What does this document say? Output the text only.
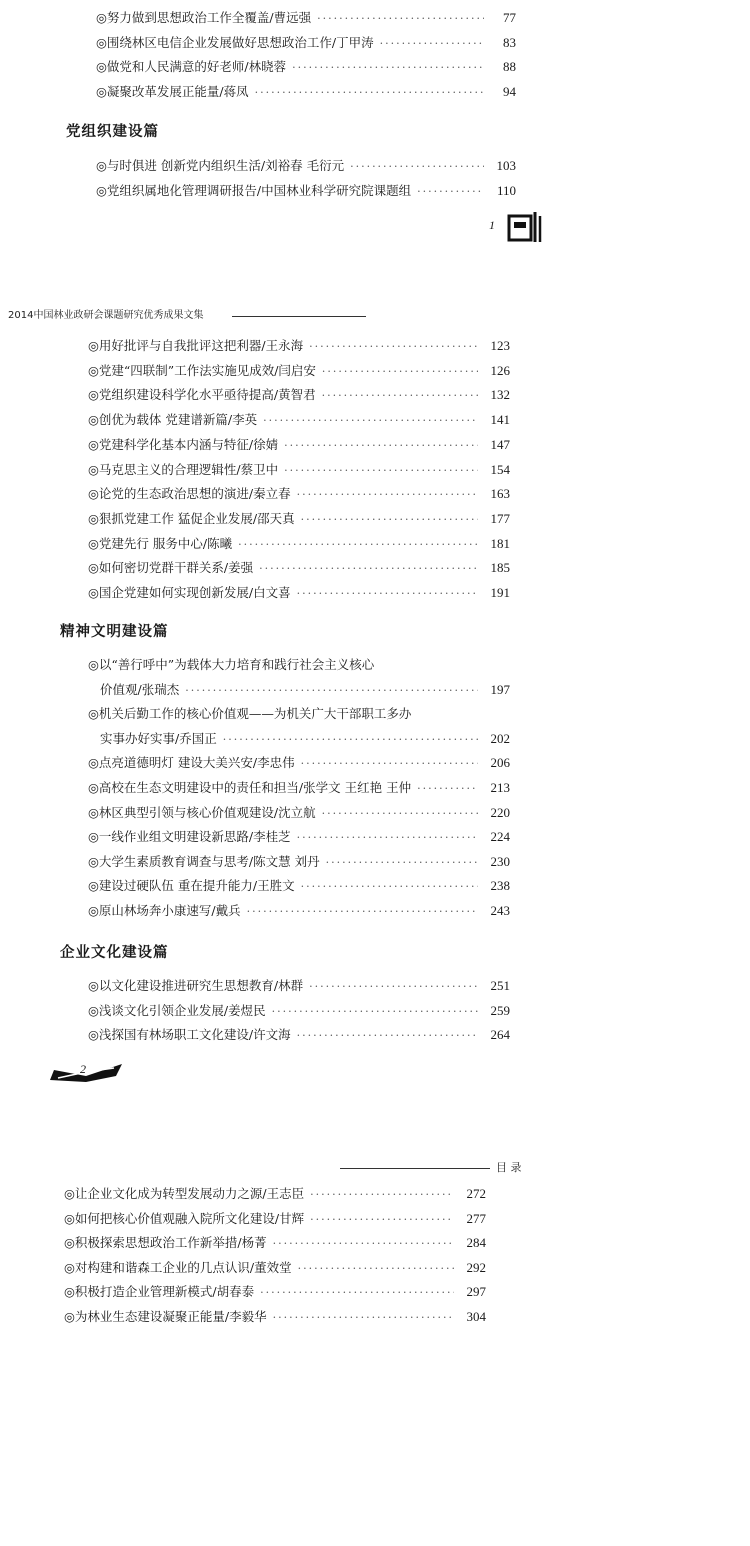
◎努力做到思想政治工作全覆盖/曹远强 ·····	77
◎围绕林区电信企业发展做好思想政治工作/丁甲涛 ·····	83
◎做党和人民满意的好老师/林晓蓉 ·····	88
◎凝聚改革发展正能量/蒋凤 ·····	94
党组织建设篇
◎与时俱进 创新党内组织生活/刘裕春 毛衍元 ·····	103
◎党组织属地化管理调研报告/中国林业科学研究院课题组 ·····	110
1
2014中国林业政研会课题研究优秀成果文集
◎用好批评与自我批评这把利器/王永海 ·····	123
◎党建“四联制”工作法实施见成效/闫启安 ·····	126
◎党组织建设科学化水平亟待提高/黄智君 ·····	132
◎创优为载体 党建谱新篇/李英 ·····	141
◎党建科学化基本内涵与特征/徐婧 ·····	147
◎马克思主义的合理逻辑性/蔡卫中 ·····	154
◎论党的生态政治思想的演进/秦立春 ·····	163
◎狠抓党建工作 猛促企业发展/邵天真 ·····	177
◎党建先行 服务中心/陈曦 ·····	181
◎如何密切党群干群关系/姜强 ·····	185
◎国企党建如何实现创新发展/白文喜 ·····	191
精神文明建设篇
◎以“善行呼中”为载体大力培育和践行社会主义核心
价值观/张瑞杰 ·····	197
◎机关后勤工作的核心价值观——为机关广大干部职工多办
实事办好实事/乔国正 ·····	202
◎点亮道德明灯 建设大美兴安/李忠伟 ·····	206
◎高校在生态文明建设中的责任和担当/张学文 王红艳 王仲 ·····	213
◎林区典型引领与核心价值观建设/沈立航 ·····	220
◎一线作业组文明建设新思路/李桂芝 ·····	224
◎大学生素质教育调查与思考/陈文慧 刘丹 ·····	230
◎建设过硬队伍 重在提升能力/王胜文 ·····	238
◎原山林场奔小康速写/戴兵 ·····	243
企业文化建设篇
◎以文化建设推进研究生思想教育/林群 ·····	251
◎浅谈文化引领企业发展/姜煜民 ·····	259
◎浅探国有林场职工文化建设/许文海 ·····	264
2
目 录
◎让企业文化成为转型发展动力之源/王志臣 ·····	272
◎如何把核心价值观融入院所文化建设/甘辉 ·····	277
◎积极探索思想政治工作新举措/杨菁 ·····	284
◎对构建和谐森工企业的几点认识/董效堂 ·····	292
◎积极打造企业管理新模式/胡春泰 ·····	297
◎为林业生态建设凝聚正能量/李毅华 ·····	304
